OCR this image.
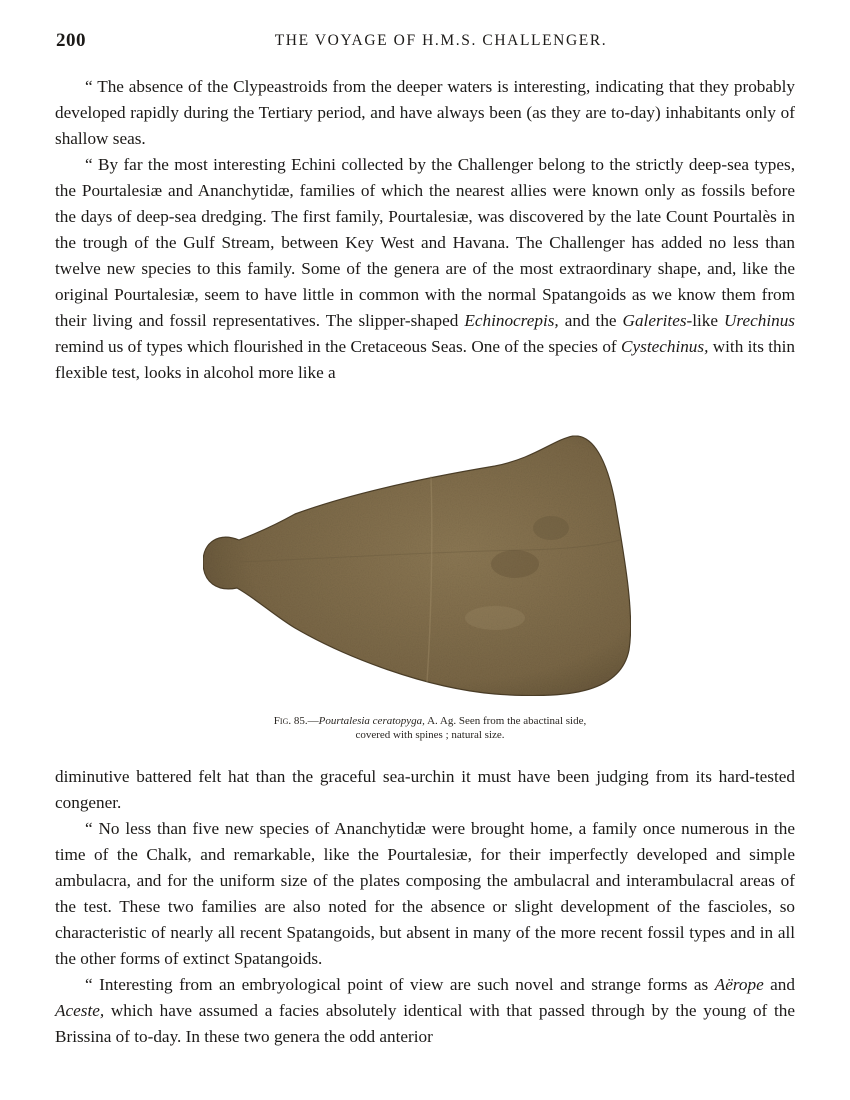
200	THE VOYAGE OF H.M.S. CHALLENGER.

“ The absence of the Clypeastroids from the deeper waters is interesting, indicating that they probably developed rapidly during the Tertiary period, and have always been (as they are to-day) inhabitants only of shallow seas.

“ By far the most interesting Echini collected by the Challenger belong to the strictly deep-sea types, the Pourtalesiæ and Ananchytidæ, families of which the nearest allies were known only as fossils before the days of deep-sea dredging. The first family, Pourtalesiæ, was discovered by the late Count Pourtalès in the trough of the Gulf Stream, between Key West and Havana. The Challenger has added no less than twelve new species to this family. Some of the genera are of the most extraordinary shape, and, like the original Pourtalesiæ, seem to have little in common with the normal Spatangoids as we know them from their living and fossil representatives. The slipper-shaped Echinocrepis, and the Galerites-like Urechinus remind us of types which flourished in the Cretaceous Seas. One of the species of Cystechinus, with its thin flexible test, looks in alcohol more like a

Fig. 85.—Pourtalesia ceratopyga, A. Ag. Seen from the abactinal side,
covered with spines ; natural size.

diminutive battered felt hat than the graceful sea-urchin it must have been judging from its hard-tested congener.

“ No less than five new species of Ananchytidæ were brought home, a family once numerous in the time of the Chalk, and remarkable, like the Pourtalesiæ, for their imperfectly developed and simple ambulacra, and for the uniform size of the plates composing the ambulacral and interambulacral areas of the test. These two families are also noted for the absence or slight development of the fascioles, so characteristic of nearly all recent Spatangoids, but absent in many of the more recent fossil types and in all the other forms of extinct Spatangoids.

“ Interesting from an embryological point of view are such novel and strange forms as Aërope and Aceste, which have assumed a facies absolutely identical with that passed through by the young of the Brissina of to-day. In these two genera the odd anterior
